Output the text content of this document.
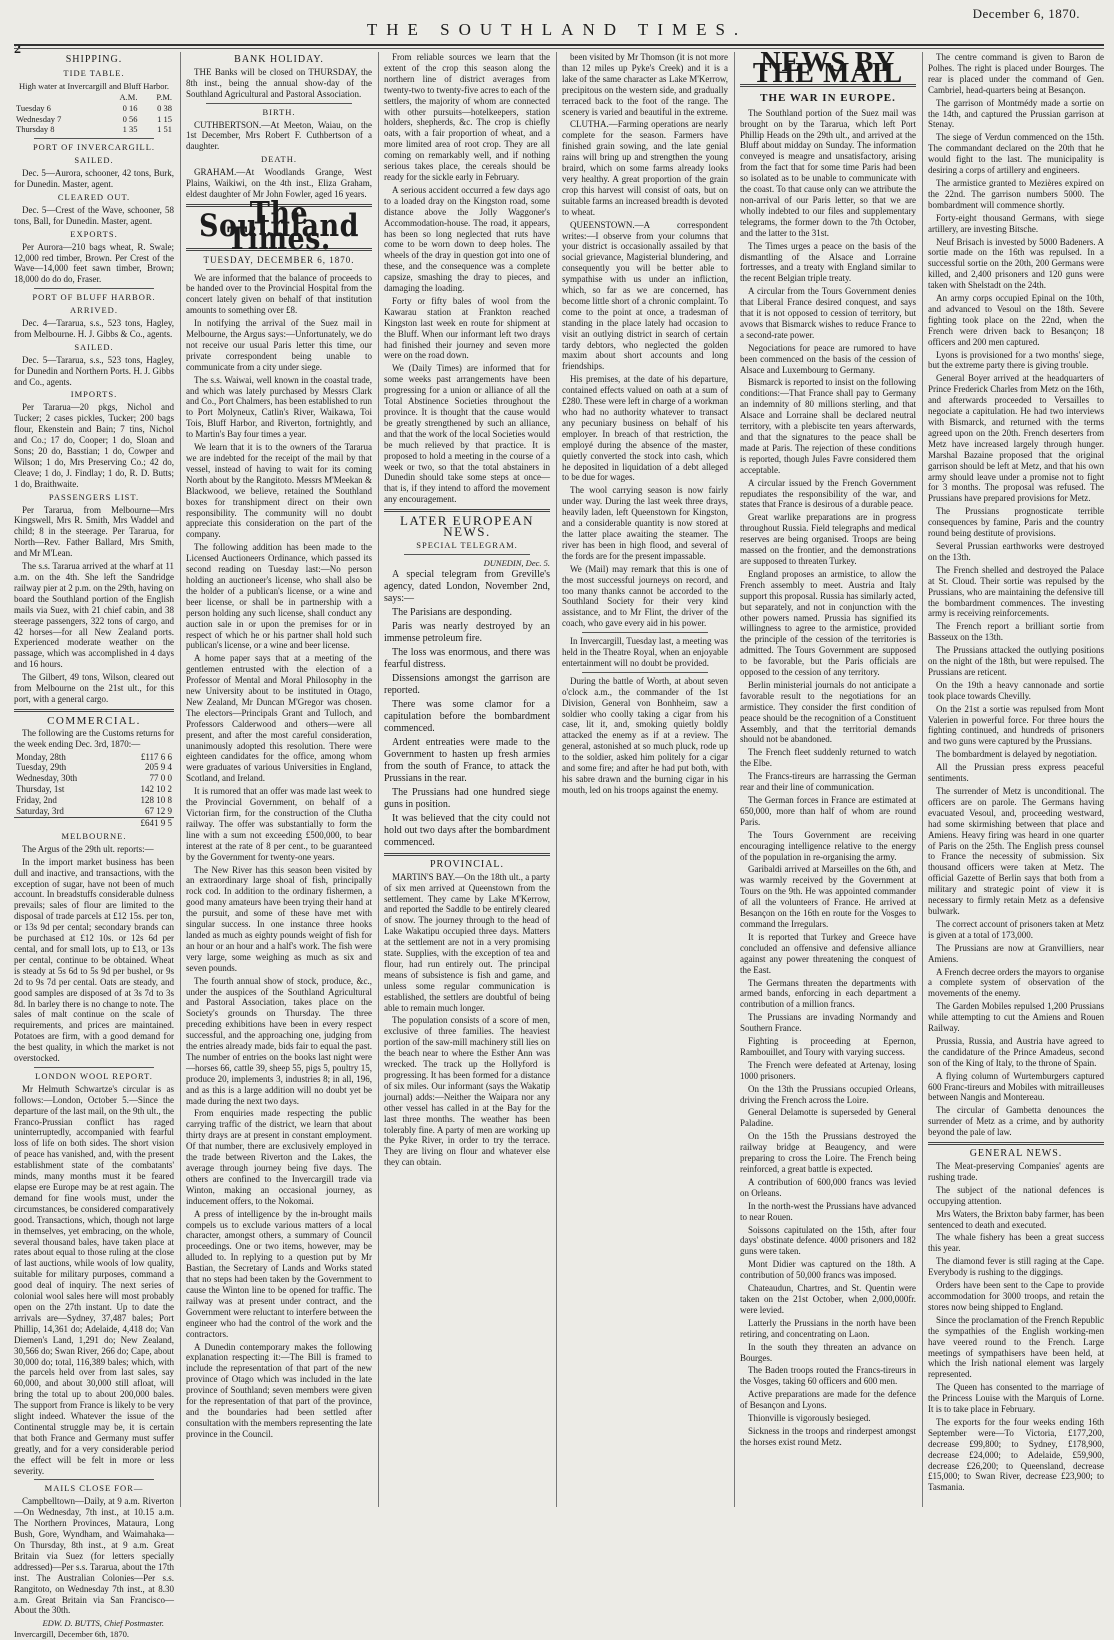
2
THE SOUTHLAND TIMES.
December 6, 1870.
SHIPPING.
TIDE TABLE.
High water at Invercargill and Bluff Harbor.
	A.M.	P.M.
Tuesday 6	0 16	0 38
Wednesday 7	0 56	1 15
Thursday 8	1 35	1 51
PORT OF INVERCARGILL.
SAILED.

Dec. 5—Aurora, schooner, 42 tons, Burk, for Dunedin. Master, agent.

CLEARED OUT.

Dec. 5—Crest of the Wave, schooner, 58 tons, Ball, for Dunedin. Master, agent.

EXPORTS.

Per Aurora—210 bags wheat, R. Swale; 12,000 red timber, Brown. Per Crest of the Wave—14,000 feet sawn timber, Brown; 18,000 do do do, Fraser.

PORT OF BLUFF HARBOR.
ARRIVED.

Dec. 4—Tararua, s.s., 523 tons, Hagley, from Melbourne. H. J. Gibbs & Co., agents.

SAILED.

Dec. 5—Tararua, s.s., 523 tons, Hagley, for Dunedin and Northern Ports. H. J. Gibbs and Co., agents.

IMPORTS.

Per Tararua—20 pkgs, Nichol and Tucker; 2 cases pickles, Tucker; 200 bags flour, Ekenstein and Bain; 7 tins, Nichol and Co.; 17 do, Cooper; 1 do, Sloan and Sons; 20 do, Basstian; 1 do, Cowper and Wilson; 1 do, Mrs Preserving Co.; 42 do, Cleave; 1 do, J. Findlay; 1 do, R. D. Butts; 1 do, Braithwaite.

PASSENGERS LIST.

Per Tararua, from Melbourne—Mrs Kingswell, Mrs R. Smith, Mrs Waddel and child; 8 in the steerage. Per Tararua, for North—Rev. Father Ballard, Mrs Smith, and Mr M'Lean.

The s.s. Tararua arrived at the wharf at 11 a.m. on the 4th. She left the Sandridge railway pier at 2 p.m. on the 29th, having on board the Southland portion of the English mails via Suez, with 21 chief cabin, and 38 steerage passengers, 322 tons of cargo, and 42 horses—for all New Zealand ports. Experienced moderate weather on the passage, which was accomplished in 4 days and 16 hours.

The Gilbert, 49 tons, Wilson, cleared out from Melbourne on the 21st ult., for this port, with a general cargo.

COMMERCIAL.

The following are the Customs returns for the week ending Dec. 3rd, 1870:—

Monday, 28th	£117 6 6
Tuesday, 29th	205 9 4
Wednesday, 30th	77 0 0
Thursday, 1st	142 10 2
Friday, 2nd	128 10 8
Saturday, 3rd	67 12 9
	£641 9 5
MELBOURNE.

The Argus of the 29th ult. reports:—

In the import market business has been dull and inactive, and transactions, with the exception of sugar, have not been of much account. In breadstuffs considerable dulness prevails; sales of flour are limited to the disposal of trade parcels at £12 15s. per ton, or 13s 9d per cental; secondary brands can be purchased at £12 10s. or 12s 6d per cental, and for small lots, up to £13, or 13s per cental, continue to be obtained. Wheat is steady at 5s 6d to 5s 9d per bushel, or 9s 2d to 9s 7d per cental. Oats are steady, and good samples are disposed of at 3s 7d to 3s 8d. In barley there is no change to note. The sales of malt continue on the scale of requirements, and prices are maintained. Potatoes are firm, with a good demand for the best quality, in which the market is not overstocked.

LONDON WOOL REPORT.

Mr Helmuth Schwartze's circular is as follows:—London, October 5.—Since the departure of the last mail, on the 9th ult., the Franco-Prussian conflict has raged uninterruptedly, accompanied with fearful loss of life on both sides. The short vision of peace has vanished, and, with the present establishment state of the combatants' minds, many months must it be feared elapse ere Europe may be at rest again. The demand for fine wools must, under the circumstances, be considered comparatively good. Transactions, which, though not large in themselves, yet embracing, on the whole, several thousand bales, have taken place at rates about equal to those ruling at the close of last auctions, while wools of low quality, suitable for military purposes, command a good deal of inquiry. The next series of colonial wool sales here will most probably open on the 27th instant. Up to date the arrivals are—Sydney, 37,487 bales; Port Phillip, 14,361 do; Adelaide, 4,418 do; Van Diemen's Land, 1,291 do; New Zealand, 30,566 do; Swan River, 266 do; Cape, about 30,000 do; total, 116,389 bales; which, with the parcels held over from last sales, say 60,000, and about 30,000 still afloat, will bring the total up to about 200,000 bales. The support from France is likely to be very slight indeed. Whatever the issue of the Continental struggle may be, it is certain that both France and Germany must suffer greatly, and for a very considerable period the effect will be felt in more or less severity.

MAILS CLOSE FOR—

Campbelltown—Daily, at 9 a.m. Riverton—On Wednesday, 7th inst., at 10.15 a.m. The Northern Provinces, Mataura, Long Bush, Gore, Wyndham, and Waimahaka—On Thursday, 8th inst., at 9 a.m. Great Britain via Suez (for letters specially addressed)—Per s.s. Tararua, about the 17th inst. The Australian Colonies—Per s.s. Rangitoto, on Wednesday 7th inst., at 8.30 a.m. Great Britain via San Francisco—About the 30th.

EDW. D. BUTTS, Chief Postmaster.
Invercargill, December 6th, 1870.
BANK HOLIDAY.

THE Banks will be closed on THURSDAY, the 8th inst., being the annual show-day of the Southland Agricultural and Pastoral Association.

BIRTH.

CUTHBERTSON.—At Meeton, Waiau, on the 1st December, Mrs Robert F. Cuthbertson of a daughter.

DEATH.

GRAHAM.—At Woodlands Grange, West Plains, Waikiwi, on the 4th inst., Eliza Graham, eldest daughter of Mr John Fowler, aged 16 years.

The Southland Times.
TUESDAY, DECEMBER 6, 1870.

We are informed that the balance of proceeds to be handed over to the Provincial Hospital from the concert lately given on behalf of that institution amounts to something over £8.

In notifying the arrival of the Suez mail in Melbourne, the Argus says:—Unfortunately, we do not receive our usual Paris letter this time, our private correspondent being unable to communicate from a city under siege.

The s.s. Waiwai, well known in the coastal trade, and which was lately purchased by Messrs Clark and Co., Port Chalmers, has been established to run to Port Molyneux, Catlin's River, Waikawa, Toi Tois, Bluff Harbor, and Riverton, fortnightly, and to Martin's Bay four times a year.

We learn that it is to the owners of the Tararua we are indebted for the receipt of the mail by that vessel, instead of having to wait for its coming North about by the Rangitoto. Messrs M'Meekan & Blackwood, we believe, retained the Southland boxes for transhipment direct on their own responsibility. The community will no doubt appreciate this consideration on the part of the company.

The following addition has been made to the Licensed Auctioneers Ordinance, which passed its second reading on Tuesday last:—No person holding an auctioneer's license, who shall also be the holder of a publican's license, or a wine and beer license, or shall be in partnership with a person holding any such license, shall conduct any auction sale in or upon the premises for or in respect of which he or his partner shall hold such publican's license, or a wine and beer license.

A home paper says that at a meeting of the gentlemen entrusted with the election of a Professor of Mental and Moral Philosophy in the new University about to be instituted in Otago, New Zealand, Mr Duncan M'Gregor was chosen. The electors—Principals Grant and Tulloch, and Professors Calderwood and others—were all present, and after the most careful consideration, unanimously adopted this resolution. There were eighteen candidates for the office, among whom were graduates of various Universities in England, Scotland, and Ireland.

It is rumored that an offer was made last week to the Provincial Government, on behalf of a Victorian firm, for the construction of the Clutha railway. The offer was substantially to form the line with a sum not exceeding £500,000, to bear interest at the rate of 8 per cent., to be guaranteed by the Government for twenty-one years.

The New River has this season been visited by an extraordinary large shoal of fish, principally rock cod. In addition to the ordinary fishermen, a good many amateurs have been trying their hand at the pursuit, and some of these have met with singular success. In one instance three hooks landed as much as eighty pounds weight of fish for an hour or an hour and a half's work. The fish were very large, some weighing as much as six and seven pounds.

The fourth annual show of stock, produce, &c., under the auspices of the Southland Agricultural and Pastoral Association, takes place on the Society's grounds on Thursday. The three preceding exhibitions have been in every respect successful, and the approaching one, judging from the entries already made, bids fair to equal the past. The number of entries on the books last night were—horses 66, cattle 39, sheep 55, pigs 5, poultry 15, produce 20, implements 3, industries 8; in all, 196, and as this is a large addition will no doubt yet be made during the next two days.

From enquiries made respecting the public carrying traffic of the district, we learn that about thirty drays are at present in constant employment. Of that number, there are exclusively employed in the trade between Riverton and the Lakes, the average through journey being five days. The others are confined to the Invercargill trade via Winton, making an occasional journey, as inducement offers, to the Nokomai.

A press of intelligence by the in-brought mails compels us to exclude various matters of a local character, amongst others, a summary of Council proceedings. One or two items, however, may be alluded to. In replying to a question put by Mr Bastian, the Secretary of Lands and Works stated that no steps had been taken by the Government to cause the Winton line to be opened for traffic. The railway was at present under contract, and the Government were reluctant to interfere between the engineer who had the control of the work and the contractors.

A Dunedin contemporary makes the following explanation respecting it:—The Bill is framed to include the representation of that part of the new province of Otago which was included in the late province of Southland; seven members were given for the representation of that part of the province, and the boundaries had been settled after consultation with the members representing the late province in the Council.

From reliable sources we learn that the extent of the crop this season along the northern line of district averages from twenty-two to twenty-five acres to each of the settlers, the majority of whom are connected with other pursuits—hotelkeepers, station holders, shepherds, &c. The crop is chiefly oats, with a fair proportion of wheat, and a more limited area of root crop. They are all coming on remarkably well, and if nothing serious takes place, the cereals should be ready for the sickle early in February.

A serious accident occurred a few days ago to a loaded dray on the Kingston road, some distance above the Jolly Waggoner's Accommodation-house. The road, it appears, has been so long neglected that ruts have come to be worn down to deep holes. The wheels of the dray in question got into one of these, and the consequence was a complete capsize, smashing the dray to pieces, and damaging the loading.

Forty or fifty bales of wool from the Kawarau station at Frankton reached Kingston last week en route for shipment at the Bluff. When our informant left two drays had finished their journey and seven more were on the road down.

We (Daily Times) are informed that for some weeks past arrangements have been progressing for a union or alliance of all the Total Abstinence Societies throughout the province. It is thought that the cause would be greatly strengthened by such an alliance, and that the work of the local Societies would be much relieved by that practice. It is proposed to hold a meeting in the course of a week or two, so that the total abstainers in Dunedin should take some steps at once—that is, if they intend to afford the movement any encouragement.

LATER EUROPEAN NEWS.
SPECIAL TELEGRAM.
DUNEDIN, Dec. 5.

A special telegram from Greville's agency, dated London, November 2nd, says:—

The Parisians are desponding.

Paris was nearly destroyed by an immense petroleum fire.

The loss was enormous, and there was fearful distress.

Dissensions amongst the garrison are reported.

There was some clamor for a capitulation before the bombardment commenced.

Ardent entreaties were made to the Government to hasten up fresh armies from the south of France, to attack the Prussians in the rear.

The Prussians had one hundred siege guns in position.

It was believed that the city could not hold out two days after the bombardment commenced.

PROVINCIAL.

MARTIN'S BAY.—On the 18th ult., a party of six men arrived at Queenstown from the settlement. They came by Lake M'Kerrow, and reported the Saddle to be entirely cleared of snow. The journey through to the head of Lake Wakatipu occupied three days. Matters at the settlement are not in a very promising state. Supplies, with the exception of tea and flour, had run entirely out. The principal means of subsistence is fish and game, and unless some regular communication is established, the settlers are doubtful of being able to remain much longer.

The population consists of a score of men, exclusive of three families. The heaviest portion of the saw-mill machinery still lies on the beach near to where the Esther Ann was wrecked. The track up the Hollyford is progressing. It has been formed for a distance of six miles. Our informant (says the Wakatip journal) adds:—Neither the Waipara nor any other vessel has called in at the Bay for the last three months. The weather has been tolerably fine. A party of men are working up the Pyke River, in order to try the terrace. They are living on flour and whatever else they can obtain.

been visited by Mr Thomson (it is not more than 12 miles up Pyke's Creek) and it is a lake of the same character as Lake M'Kerrow, precipitous on the western side, and gradually terraced back to the foot of the range. The scenery is varied and beautiful in the extreme.

CLUTHA.—Farming operations are nearly complete for the season. Farmers have finished grain sowing, and the late genial rains will bring up and strengthen the young braird, which on some farms already looks very healthy. A great proportion of the grain crop this harvest will consist of oats, but on suitable farms an increased breadth is devoted to wheat.

QUEENSTOWN.—A correspondent writes:—I observe from your columns that your district is occasionally assailed by that social grievance, Magisterial blundering, and consequently you will be better able to sympathise with us under an infliction, which, so far as we are concerned, has become little short of a chronic complaint. To come to the point at once, a tradesman of standing in the place lately had occasion to visit an outlying district in search of certain tardy debtors, who neglected the golden maxim about short accounts and long friendships.

His premises, at the date of his departure, contained effects valued on oath at a sum of £280. These were left in charge of a workman who had no authority whatever to transact any pecuniary business on behalf of his employer. In breach of that restriction, the employé during the absence of the master, quietly converted the stock into cash, which he deposited in liquidation of a debt alleged to be due for wages.

The wool carrying season is now fairly under way. During the last week three drays, heavily laden, left Queenstown for Kingston, and a considerable quantity is now stored at the latter place awaiting the steamer. The river has been in high flood, and several of the fords are for the present impassable.

We (Mail) may remark that this is one of the most successful journeys on record, and too many thanks cannot be accorded to the Southland Society for their very kind assistance, and to Mr Flint, the driver of the coach, who gave every aid in his power.

In Invercargill, Tuesday last, a meeting was held in the Theatre Royal, when an enjoyable entertainment will no doubt be provided.

During the battle of Worth, at about seven o'clock a.m., the commander of the 1st Division, General von Bonhheim, saw a soldier who coolly taking a cigar from his case, lit it, and, smoking quietly boldly attacked the enemy as if at a review. The general, astonished at so much pluck, rode up to the soldier, asked him politely for a cigar and some fire; and after he had put both, with his sabre drawn and the burning cigar in his mouth, led on his troops against the enemy.

NEWS BY THE MAIL
THE WAR IN EUROPE.

The Southland portion of the Suez mail was brought on by the Tararua, which left Port Phillip Heads on the 29th ult., and arrived at the Bluff about midday on Sunday. The information conveyed is meagre and unsatisfactory, arising from the fact that for some time Paris had been so isolated as to be unable to communicate with the coast. To that cause only can we attribute the non-arrival of our Paris letter, so that we are wholly indebted to our files and supplementary telegrams, the former down to the 7th October, and the latter to the 31st.

The Times urges a peace on the basis of the dismantling of the Alsace and Lorraine fortresses, and a treaty with England similar to the recent Belgian triple treaty.

A circular from the Tours Government denies that Liberal France desired conquest, and says that it is not opposed to cession of territory, but avows that Bismarck wishes to reduce France to a second-rate power.

Negociations for peace are rumored to have been commenced on the basis of the cession of Alsace and Luxembourg to Germany.

Bismarck is reported to insist on the following conditions:—That France shall pay to Germany an indemnity of 80 millions sterling, and that Alsace and Lorraine shall be declared neutral territory, with a plebiscite ten years afterwards, and that the signatures to the peace shall be made at Paris. The rejection of these conditions is reported, though Jules Favre considered them acceptable.

A circular issued by the French Government repudiates the responsibility of the war, and states that France is desirous of a durable peace.

Great warlike preparations are in progress throughout Russia. Field telegraphs and medical reserves are being organised. Troops are being massed on the frontier, and the demonstrations are supposed to threaten Turkey.

England proposes an armistice, to allow the French assembly to meet. Austria and Italy support this proposal. Russia has similarly acted, but separately, and not in conjunction with the other powers named. Prussia has signified its willingness to agree to the armistice, provided the principle of the cession of the territories is admitted. The Tours Government are supposed to be favorable, but the Paris officials are opposed to the cession of any territory.

Berlin ministerial journals do not anticipate a favorable result to the negotiations for an armistice. They consider the first condition of peace should be the recognition of a Constituent Assembly, and that the territorial demands should not be abandoned.

The French fleet suddenly returned to watch the Elbe.

The Francs-tireurs are harrassing the German rear and their line of communication.

The German forces in France are estimated at 650,000, more than half of whom are round Paris.

The Tours Government are receiving encouraging intelligence relative to the energy of the population in re-organising the army.

Garibaldi arrived at Marseilles on the 6th, and was warmly received by the Government at Tours on the 9th. He was appointed commander of all the volunteers of France. He arrived at Besançon on the 16th en route for the Vosges to command the Irregulars.

It is reported that Turkey and Greece have concluded an offensive and defensive alliance against any power threatening the conquest of the East.

The Germans threaten the departments with armed bands, enforcing in each department a contribution of a million francs.

The Prussians are invading Normandy and Southern France.

Fighting is proceeding at Epernon, Rambouillet, and Toury with varying success.

The French were defeated at Artenay, losing 1000 prisoners.

On the 13th the Prussians occupied Orleans, driving the French across the Loire.

General Delamotte is superseded by General Paladine.

On the 15th the Prussians destroyed the railway bridge at Beaugency, and were preparing to cross the Loire. The French being reinforced, a great battle is expected.

A contribution of 600,000 francs was levied on Orleans.

In the north-west the Prussians have advanced to near Rouen.

Soissons capitulated on the 15th, after four days' obstinate defence. 4000 prisoners and 182 guns were taken.

Mont Didier was captured on the 18th. A contribution of 50,000 francs was imposed.

Chateaudun, Chartres, and St. Quentin were taken on the 21st October, when 2,000,000fr. were levied.

Latterly the Prussians in the north have been retiring, and concentrating on Laon.

In the south they threaten an advance on Bourges.

The Baden troops routed the Francs-tireurs in the Vosges, taking 60 officers and 600 men.

Active preparations are made for the defence of Besançon and Lyons.

Thionville is vigorously besieged.

Sickness in the troops and rinderpest amongst the horses exist round Metz.

The centre command is given to Baron de Polhes. The right is placed under Bourges. The rear is placed under the command of Gen. Cambriel, head-quarters being at Besançon.

The garrison of Montmédy made a sortie on the 14th, and captured the Prussian garrison at Stenay.

The siege of Verdun commenced on the 15th. The commandant declared on the 20th that he would fight to the last. The municipality is desiring a corps of artillery and engineers.

The armistice granted to Mezières expired on the 22nd. The garrison numbers 5000. The bombardment will commence shortly.

Forty-eight thousand Germans, with siege artillery, are investing Bitsche.

Neuf Brisach is invested by 5000 Badeners. A sortie made on the 16th was repulsed. In a successful sortie on the 20th, 200 Germans were killed, and 2,400 prisoners and 120 guns were taken with Shelstadt on the 24th.

An army corps occupied Epinal on the 10th, and advanced to Vesoul on the 18th. Severe fighting took place on the 22nd, when the French were driven back to Besançon; 18 officers and 200 men captured.

Lyons is provisioned for a two months' siege, but the extreme party there is giving trouble.

General Boyer arrived at the headquarters of Prince Frederick Charles from Metz on the 16th, and afterwards proceeded to Versailles to negociate a capitulation. He had two interviews with Bismarck, and returned with the terms agreed upon on the 20th. French deserters from Metz have increased largely through hunger. Marshal Bazaine proposed that the original garrison should be left at Metz, and that his own army should leave under a promise not to fight for 3 months. The proposal was refused. The Prussians have prepared provisions for Metz.

The Prussians prognosticate terrible consequences by famine, Paris and the country round being destitute of provisions.

Several Prussian earthworks were destroyed on the 13th.

The French shelled and destroyed the Palace at St. Cloud. Their sortie was repulsed by the Prussians, who are maintaining the defensive till the bombardment commences. The investing army is receiving reinforcements.

The French report a brilliant sortie from Basseux on the 13th.

The Prussians attacked the outlying positions on the night of the 18th, but were repulsed. The Prussians are reticent.

On the 19th a heavy cannonade and sortie took place towards Chevilly.

On the 21st a sortie was repulsed from Mont Valerien in powerful force. For three hours the fighting continued, and hundreds of prisoners and two guns were captured by the Prussians.

The bombardment is delayed by negotiation.

All the Prussian press express peaceful sentiments.

The surrender of Metz is unconditional. The officers are on parole. The Germans having evacuated Vesoul, and, proceeding westward, had some skirmishing between that place and Amiens. Heavy firing was heard in one quarter of Paris on the 25th. The English press counsel to France the necessity of submission. Six thousand officers were taken at Metz. The official Gazette of Berlin says that both from a military and strategic point of view it is necessary to firmly retain Metz as a defensive bulwark.

The correct account of prisoners taken at Metz is given at a total of 173,000.

The Prussians are now at Granvilliers, near Amiens.

A French decree orders the mayors to organise a complete system of observation of the movements of the enemy.

The Garden Mobiles repulsed 1,200 Prussians while attempting to cut the Amiens and Rouen Railway.

Prussia, Russia, and Austria have agreed to the candidature of the Prince Amadeus, second son of the King of Italy, to the throne of Spain.

A flying column of Wurtemburgers captured 600 Franc-tireurs and Mobiles with mitrailleuses between Nangis and Montereau.

The circular of Gambetta denounces the surrender of Metz as a crime, and by authority beyond the pale of law.

GENERAL NEWS.

The Meat-preserving Companies' agents are rushing trade.

The subject of the national defences is occupying attention.

Mrs Waters, the Brixton baby farmer, has been sentenced to death and executed.

The whale fishery has been a great success this year.

The diamond fever is still raging at the Cape. Everybody is rushing to the diggings.

Orders have been sent to the Cape to provide accommodation for 3000 troops, and retain the stores now being shipped to England.

Since the proclamation of the French Republic the sympathies of the English working-men have veered round to the French. Large meetings of sympathisers have been held, at which the Irish national element was largely represented.

The Queen has consented to the marriage of the Princess Louise with the Marquis of Lorne. It is to take place in February.

The exports for the four weeks ending 16th September were—To Victoria, £177,200, decrease £99,800; to Sydney, £178,900, decrease £24,000; to Adelaide, £59,900, decrease £26,200; to Queensland, decrease £15,000; to Swan River, decrease £23,900; to Tasmania.
